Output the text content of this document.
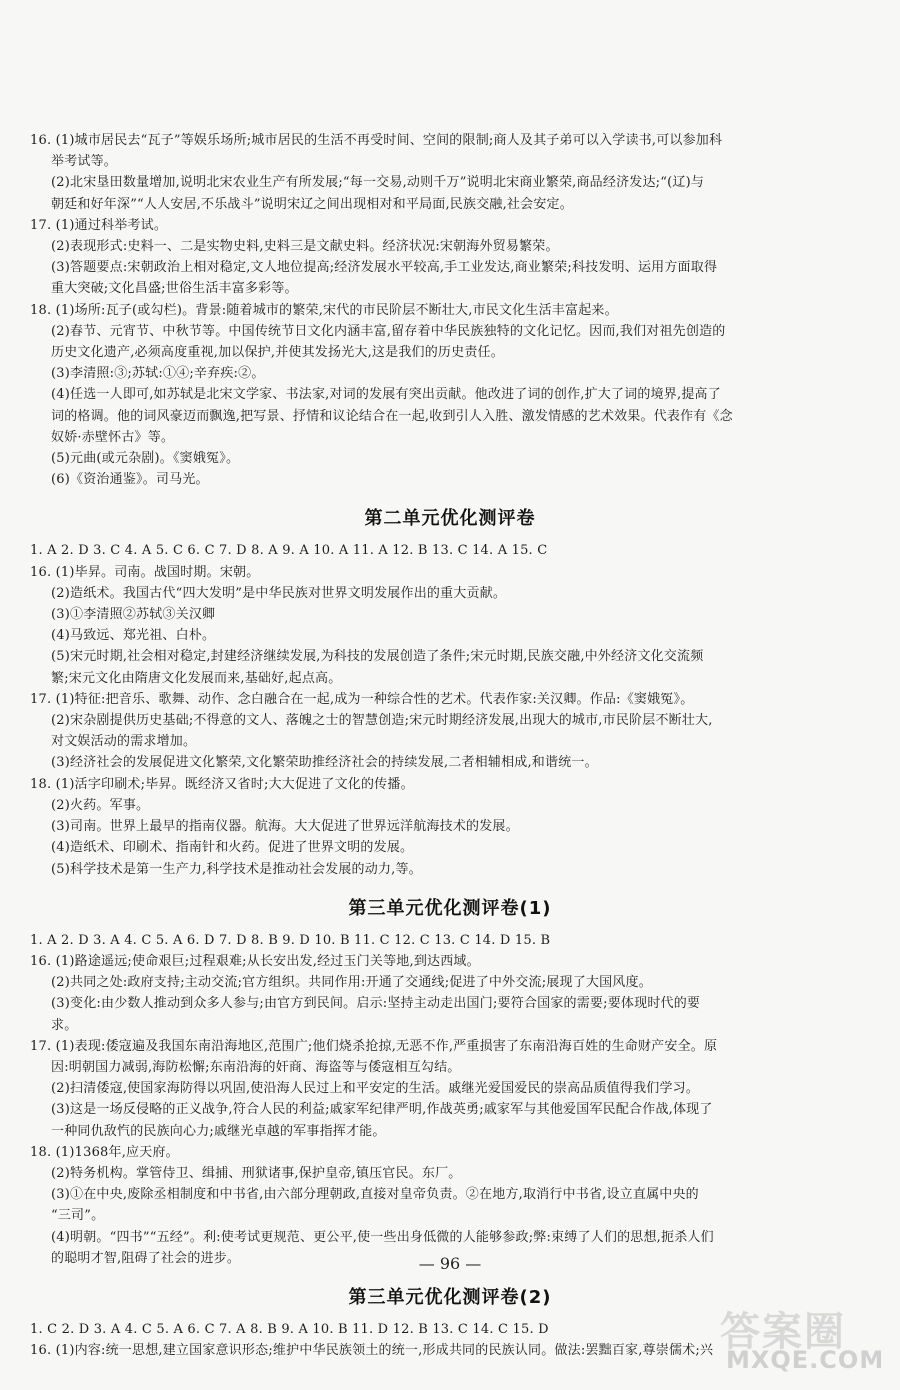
16. (1)城市居民去“瓦子”等娱乐场所;城市居民的生活不再受时间、空间的限制;商人及其子弟可以入学读书,可以参加科
举考试等。
(2)北宋垦田数量增加,说明北宋农业生产有所发展;“每一交易,动则千万”说明北宋商业繁荣,商品经济发达;“(辽)与
朝廷和好年深”“人人安居,不乐战斗”说明宋辽之间出现相对和平局面,民族交融,社会安定。
17. (1)通过科举考试。
(2)表现形式:史料一、二是实物史料,史料三是文献史料。经济状况:宋朝海外贸易繁荣。
(3)答题要点:宋朝政治上相对稳定,文人地位提高;经济发展水平较高,手工业发达,商业繁荣;科技发明、运用方面取得
重大突破;文化昌盛;世俗生活丰富多彩等。
18. (1)场所:瓦子(或勾栏)。背景:随着城市的繁荣,宋代的市民阶层不断壮大,市民文化生活丰富起来。
(2)春节、元宵节、中秋节等。中国传统节日文化内涵丰富,留存着中华民族独特的文化记忆。因而,我们对祖先创造的
历史文化遗产,必须高度重视,加以保护,并使其发扬光大,这是我们的历史责任。
(3)李清照:③;苏轼:①④;辛弃疾:②。
(4)任选一人即可,如苏轼是北宋文学家、书法家,对词的发展有突出贡献。他改进了词的创作,扩大了词的境界,提高了
词的格调。他的词风豪迈而飘逸,把写景、抒情和议论结合在一起,收到引人入胜、激发情感的艺术效果。代表作有《念
奴娇·赤壁怀古》等。
(5)元曲(或元杂剧)。《窦娥冤》。
(6)《资治通鉴》。司马光。
第二单元优化测评卷
1. A 2. D 3. C 4. A 5. C 6. C 7. D 8. A 9. A 10. A 11. A 12. B 13. C 14. A 15. C
16. (1)毕昇。司南。战国时期。宋朝。
(2)造纸术。我国古代“四大发明”是中华民族对世界文明发展作出的重大贡献。
(3)①李清照②苏轼③关汉卿
(4)马致远、郑光祖、白朴。
(5)宋元时期,社会相对稳定,封建经济继续发展,为科技的发展创造了条件;宋元时期,民族交融,中外经济文化交流频
繁;宋元文化由隋唐文化发展而来,基础好,起点高。
17. (1)特征:把音乐、歌舞、动作、念白融合在一起,成为一种综合性的艺术。代表作家:关汉卿。作品:《窦娥冤》。
(2)宋杂剧提供历史基础;不得意的文人、落魄之士的智慧创造;宋元时期经济发展,出现大的城市,市民阶层不断壮大,
对文娱活动的需求增加。
(3)经济社会的发展促进文化繁荣,文化繁荣助推经济社会的持续发展,二者相辅相成,和谐统一。
18. (1)活字印刷术;毕昇。既经济又省时;大大促进了文化的传播。
(2)火药。军事。
(3)司南。世界上最早的指南仪器。航海。大大促进了世界远洋航海技术的发展。
(4)造纸术、印刷术、指南针和火药。促进了世界文明的发展。
(5)科学技术是第一生产力,科学技术是推动社会发展的动力,等。
第三单元优化测评卷(1)
1. A 2. D 3. A 4. C 5. A 6. D 7. D 8. B 9. D 10. B 11. C 12. C 13. C 14. D 15. B
16. (1)路途遥远;使命艰巨;过程艰难;从长安出发,经过玉门关等地,到达西域。
(2)共同之处:政府支持;主动交流;官方组织。共同作用:开通了交通线;促进了中外交流;展现了大国风度。
(3)变化:由少数人推动到众多人参与;由官方到民间。启示:坚持主动走出国门;要符合国家的需要;要体现时代的要
求。
17. (1)表现:倭寇遍及我国东南沿海地区,范围广;他们烧杀抢掠,无恶不作,严重损害了东南沿海百姓的生命财产安全。原
因:明朝国力减弱,海防松懈;东南沿海的奸商、海盗等与倭寇相互勾结。
(2)扫清倭寇,使国家海防得以巩固,使沿海人民过上和平安定的生活。戚继光爱国爱民的崇高品质值得我们学习。
(3)这是一场反侵略的正义战争,符合人民的利益;戚家军纪律严明,作战英勇;戚家军与其他爱国军民配合作战,体现了
一种同仇敌忾的民族向心力;戚继光卓越的军事指挥才能。
18. (1)1368年,应天府。
(2)特务机构。掌管侍卫、缉捕、刑狱诸事,保护皇帝,镇压官民。东厂。
(3)①在中央,废除丞相制度和中书省,由六部分理朝政,直接对皇帝负责。②在地方,取消行中书省,设立直属中央的
“三司”。
(4)明朝。“四书”“五经”。利:使考试更规范、更公平,使一些出身低微的人能够参政;弊:束缚了人们的思想,扼杀人们
的聪明才智,阻碍了社会的进步。
第三单元优化测评卷(2)
1. C 2. D 3. A 4. C 5. A 6. C 7. A 8. B 9. A 10. B 11. D 12. B 13. C 14. C 15. D
16. (1)内容:统一思想,建立国家意识形态;维护中华民族领土的统一,形成共同的民族认同。做法:罢黜百家,尊崇儒术;兴
— 96 —
答案圈
MXQE.COM
